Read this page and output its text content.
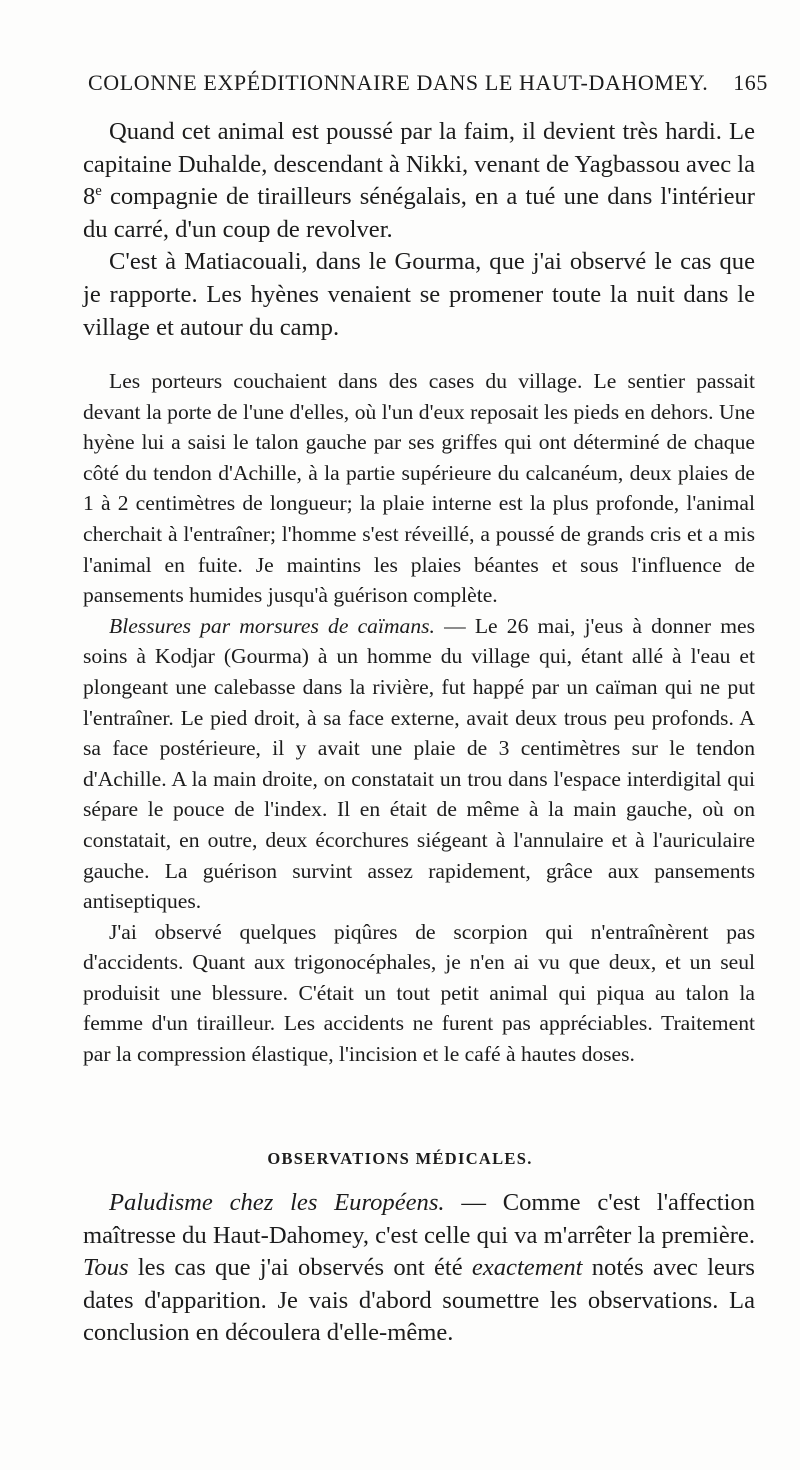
COLONNE EXPÉDITIONNAIRE DANS LE HAUT-DAHOMEY. 165

Quand cet animal est poussé par la faim, il devient très hardi. Le capitaine Duhalde, descendant à Nikki, venant de Yagbassou avec la 8e compagnie de tirailleurs sénégalais, en a tué une dans l'intérieur du carré, d'un coup de revolver.

C'est à Matiacouali, dans le Gourma, que j'ai observé le cas que je rapporte. Les hyènes venaient se promener toute la nuit dans le village et autour du camp.

Les porteurs couchaient dans des cases du village. Le sentier passait devant la porte de l'une d'elles, où l'un d'eux reposait les pieds en dehors. Une hyène lui a saisi le talon gauche par ses griffes qui ont déterminé de chaque côté du tendon d'Achille, à la partie supérieure du calcanéum, deux plaies de 1 à 2 centimètres de longueur; la plaie interne est la plus profonde, l'animal cherchait à l'entraîner; l'homme s'est réveillé, a poussé de grands cris et a mis l'animal en fuite. Je maintins les plaies béantes et sous l'influence de pansements humides jusqu'à guérison complète.

Blessures par morsures de caïmans. — Le 26 mai, j'eus à donner mes soins à Kodjar (Gourma) à un homme du village qui, étant allé à l'eau et plongeant une calebasse dans la rivière, fut happé par un caïman qui ne put l'entraîner. Le pied droit, à sa face externe, avait deux trous peu profonds. A sa face postérieure, il y avait une plaie de 3 centimètres sur le tendon d'Achille. A la main droite, on constatait un trou dans l'espace interdigital qui sépare le pouce de l'index. Il en était de même à la main gauche, où on constatait, en outre, deux écorchures siégeant à l'annulaire et à l'auriculaire gauche. La guérison survint assez rapidement, grâce aux pansements antiseptiques.

J'ai observé quelques piqûres de scorpion qui n'entraînèrent pas d'accidents. Quant aux trigonocéphales, je n'en ai vu que deux, et un seul produisit une blessure. C'était un tout petit animal qui piqua au talon la femme d'un tirailleur. Les accidents ne furent pas appréciables. Traitement par la compression élastique, l'incision et le café à hautes doses.

OBSERVATIONS MÉDICALES.

Paludisme chez les Européens. — Comme c'est l'affection maîtresse du Haut-Dahomey, c'est celle qui va m'arrêter la première. Tous les cas que j'ai observés ont été exactement notés avec leurs dates d'apparition. Je vais d'abord soumettre les observations. La conclusion en découlera d'elle-même.
